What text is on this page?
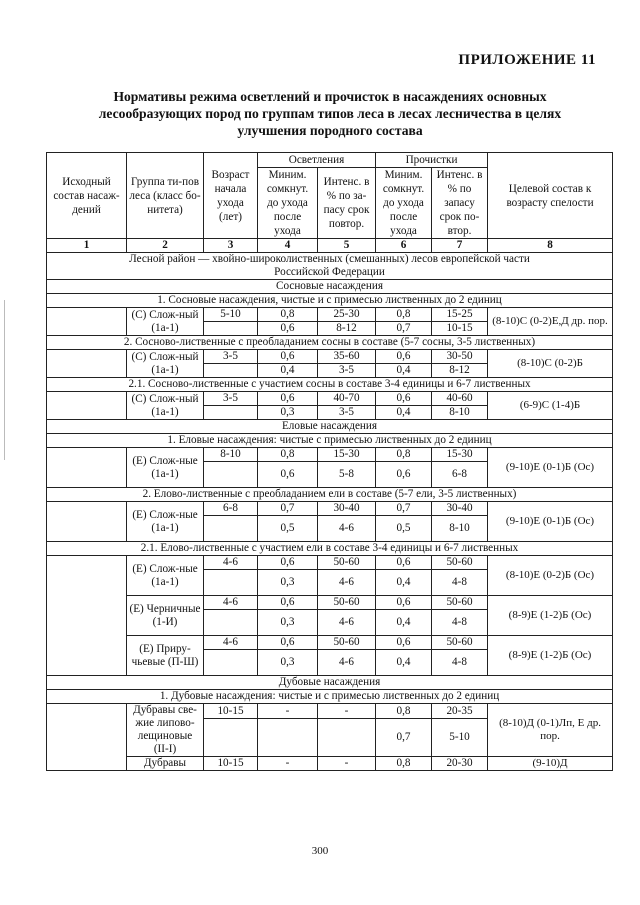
ПРИЛОЖЕНИЕ 11
Нормативы режима осветлений и прочисток в насаждениях основных лесообразующих пород по группам типов леса в лесах лесничества в целях улучшения породного состава
Исходный состав насаж-дений	Группа ти-пов леса (класс бо-нитета)	Возраст начала ухода (лет)	Осветления		Прочистки		Целевой состав к возрасту спелости
			Миним. сомкнут. до ухода после ухода	Интенс. в % по за-пасу срок повтор.	Миним. сомкнут. до ухода после ухода	Интенс. в % по запасу срок по-втор.	
1	2	3	4	5	6	7	8
Лесной район — хвойно-широколиственных (смешанных) лесов европейской части Российской Федерации							
Сосновые насаждения							
1. Сосновые насаждения, чистые и с примесью лиственных до 2 единиц							
	(С) Слож-ный (1а-1)	5-10	0,8	25-30	0,8	15-25	(8-10)С (0-2)Е,Д др. пор.
			0,6	8-12	0,7	10-15	
2. Сосново-лиственные с преобладанием сосны в составе (5-7 сосны, 3-5 лиственных)							
	(С) Слож-ный (1а-1)	3-5	0,6	35-60	0,6	30-50	(8-10)С (0-2)Б
			0,4	3-5	0,4	8-12	
2.1. Сосново-лиственные с участием сосны в составе 3-4 единицы и 6-7 лиственных							
	(С) Слож-ный (1а-1)	3-5	0,6	40-70	0,6	40-60	(6-9)С (1-4)Б
			0,3	3-5	0,4	8-10	
Еловые насаждения							
1. Еловые насаждения: чистые с примесью лиственных до 2 единиц							
	(Е) Слож-ные (1а-1)	8-10	0,8	15-30	0,8	15-30	(9-10)Е (0-1)Б (Ос)
			0,6	5-8	0,6	6-8	
2. Елово-лиственные с преобладанием ели в составе (5-7 ели, 3-5 лиственных)							
	(Е) Слож-ные (1а-1)	6-8	0,7	30-40	0,7	30-40	(9-10)Е (0-1)Б (Ос)
			0,5	4-6	0,5	8-10	
2.1. Елово-лиственные с участием ели в составе 3-4 единицы и 6-7 лиственных							
	(Е) Слож-ные (1а-1)	4-6	0,6	50-60	0,6	50-60	(8-10)Е (0-2)Б (Ос)
			0,3	4-6	0,4	4-8	
	(Е) Черничные (1-И)	4-6	0,6	50-60	0,6	50-60	(8-9)Е (1-2)Б (Ос)
			0,3	4-6	0,4	4-8	
	(Е) Приру-чьевые (П-Ш)	4-6	0,6	50-60	0,6	50-60	(8-9)Е (1-2)Б (Ос)
			0,3	4-6	0,4	4-8	
Дубовые насаждения							
1. Дубовые насаждения: чистые и с примесью лиственных до 2 единиц							
	Дубравы све-жие липово-лещиновые (II-I)	10-15	-	-	0,8	20-35	(8-10)Д (0-1)Лп, Е др. пор.
					0,7	5-10	
	Дубравы	10-15	-	-	0,8	20-30	(9-10)Д
300
